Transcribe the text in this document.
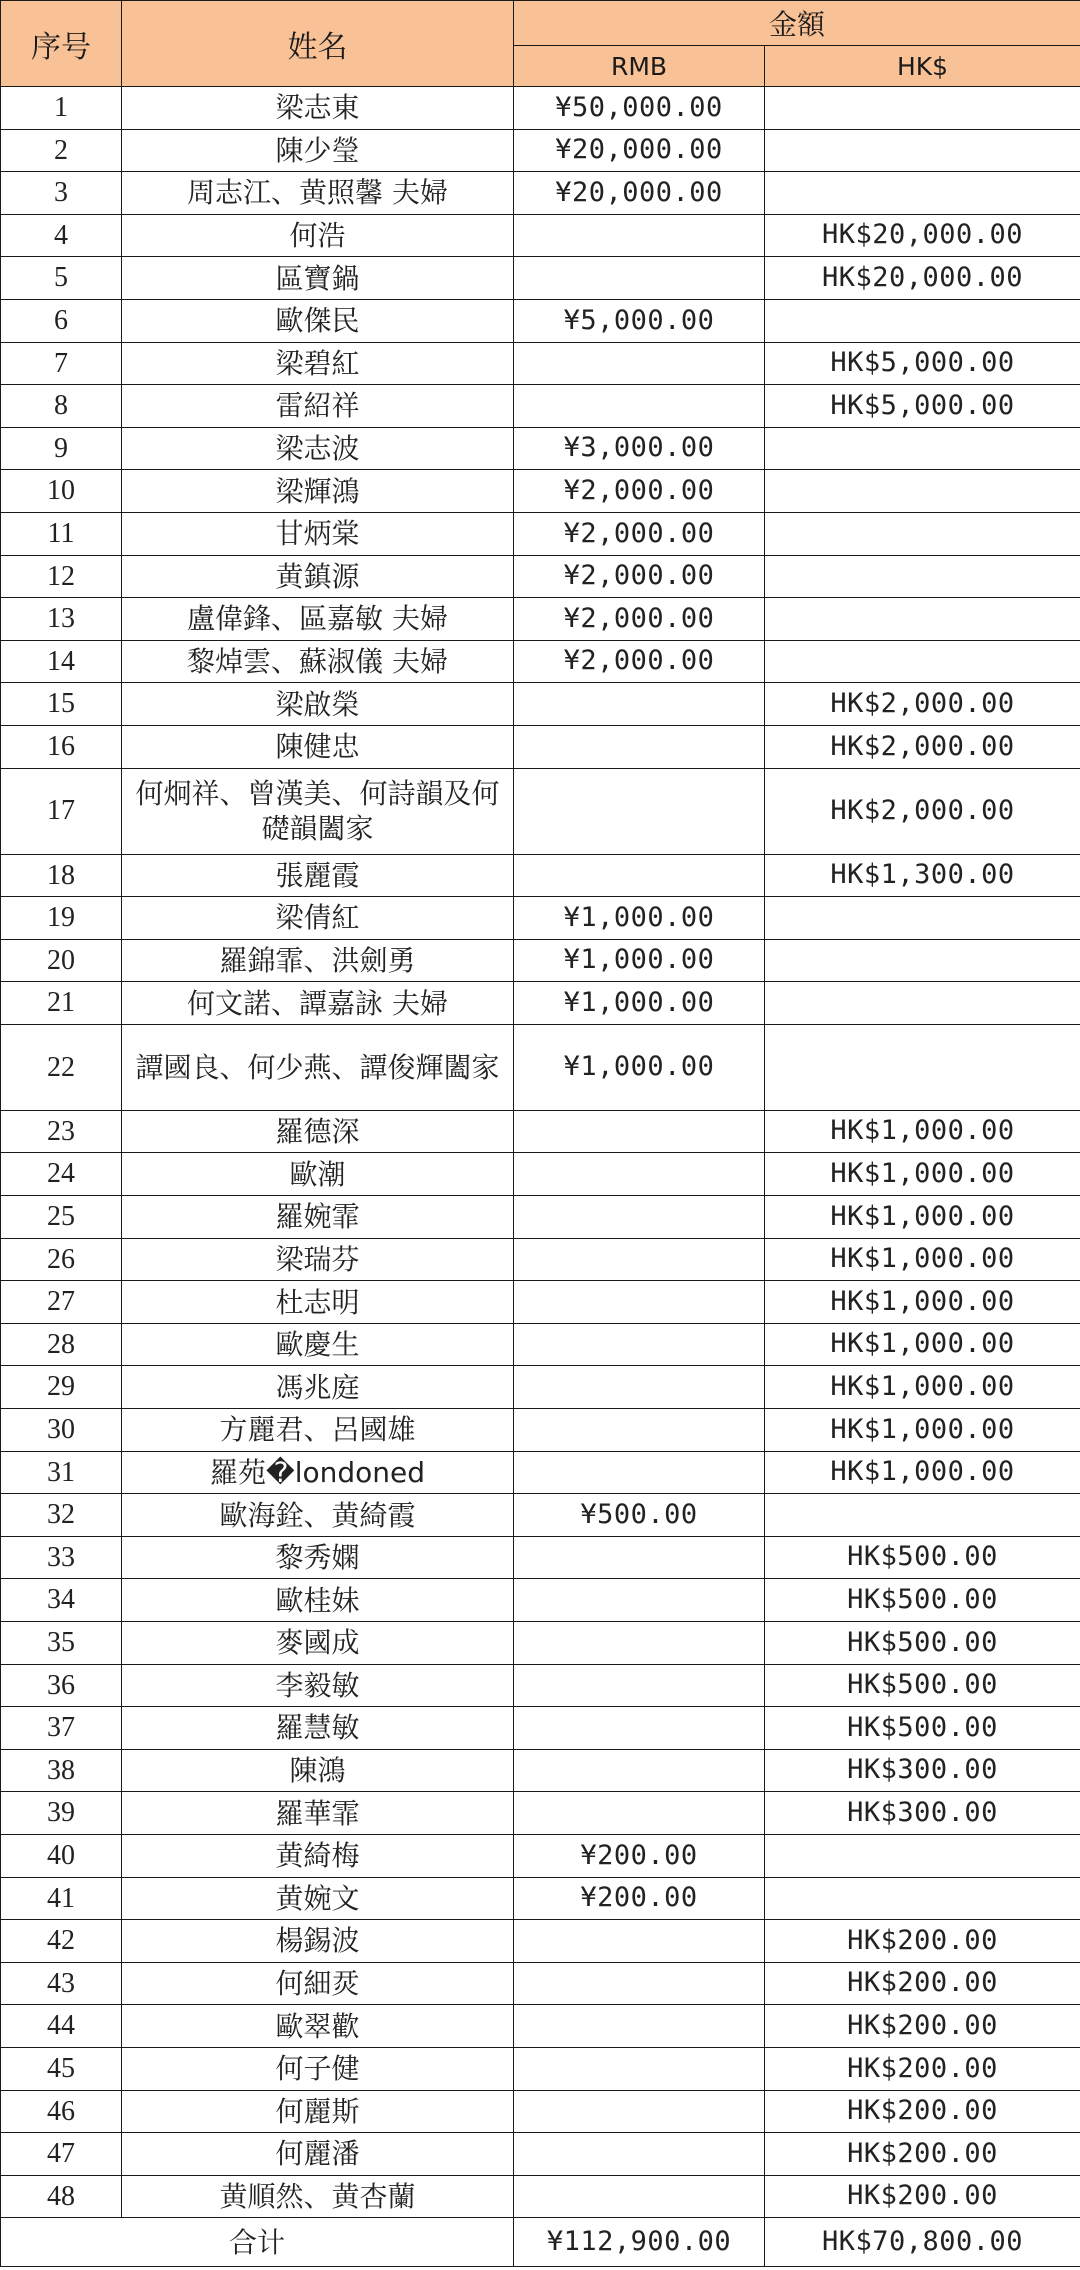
序号	姓名	金額	
		RMB	HK$
1	梁志東	¥50,000.00	
2	陳少瑩	¥20,000.00	
3	周志江、黄照馨 夫婦	¥20,000.00	
4	何浩		HK$20,000.00
5	區寶鍋		HK$20,000.00
6	歐傑民	¥5,000.00	
7	梁碧紅		HK$5,000.00
8	雷紹祥		HK$5,000.00
9	梁志波	¥3,000.00	
10	梁輝鴻	¥2,000.00	
11	甘炳棠	¥2,000.00	
12	黄鎮源	¥2,000.00	
13	盧偉鋒、區嘉敏 夫婦	¥2,000.00	
14	黎焯雲、蘇淑儀 夫婦	¥2,000.00	
15	梁啟榮		HK$2,000.00
16	陳健忠		HK$2,000.00
17	何炯祥、曾漢美、何詩韻及何礎韻闔家		HK$2,000.00
18	張麗霞		HK$1,300.00
19	梁倩紅	¥1,000.00	
20	羅錦霏、洪劍勇	¥1,000.00	
21	何文諾、譚嘉詠 夫婦	¥1,000.00	
22	譚國良、何少燕、譚俊輝闔家	¥1,000.00	
23	羅德深		HK$1,000.00
24	歐潮		HK$1,000.00
25	羅婉霏		HK$1,000.00
26	梁瑞芬		HK$1,000.00
27	杜志明		HK$1,000.00
28	歐慶生		HK$1,000.00
29	馮兆庭		HK$1,000.00
30	方麗君、呂國雄		HK$1,000.00
31	羅苑�londoned		HK$1,000.00
32	歐海銓、黄綺霞	¥500.00	
33	黎秀嫻		HK$500.00
34	歐桂妹		HK$500.00
35	麥國成		HK$500.00
36	李毅敏		HK$500.00
37	羅慧敏		HK$500.00
38	陳鴻		HK$300.00
39	羅華霏		HK$300.00
40	黄綺梅	¥200.00	
41	黄婉文	¥200.00	
42	楊錫波		HK$200.00
43	何細烎		HK$200.00
44	歐翠歡		HK$200.00
45	何子健		HK$200.00
46	何麗斯		HK$200.00
47	何麗潘		HK$200.00
48	黄順然、黄杏蘭		HK$200.00
合计		¥112,900.00	HK$70,800.00
